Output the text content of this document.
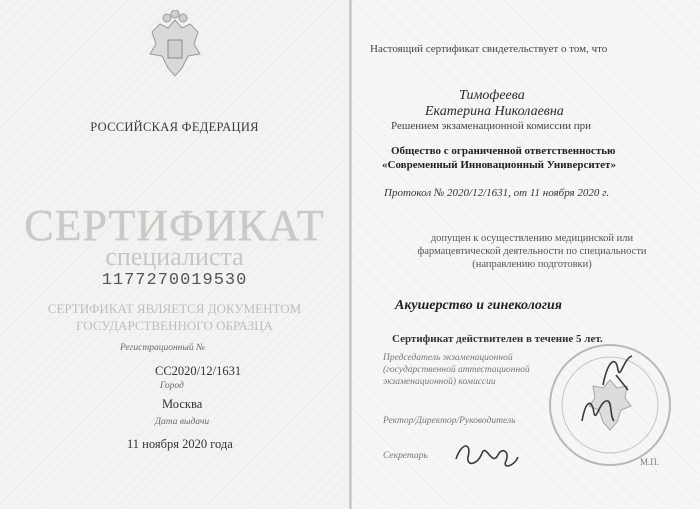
РОССИЙСКАЯ ФЕДЕРАЦИЯ
СЕРТИФИКАТ
специалиста
1177270019530
СЕРТИФИКАТ ЯВЛЯЕТСЯ ДОКУМЕНТОМ
ГОСУДАРСТВЕННОГО ОБРАЗЦА
Регистрационный №
СС2020/12/1631
Город
Москва
Дата выдачи
11 ноября 2020 года
Настоящий сертификат свидетельствует о том, что
Тимофеева
Екатерина Николаевна
Решением экзаменационной комиссии при
Общество с ограниченной ответственностью
«Современный Инновационный Университет»
Протокол № 2020/12/1631, от 11 ноября 2020 г.
допущен к осуществлению медицинской или
фармацевтической деятельности по специальности
(направлению подготовки)
Акушерство и гинекология
Сертификат действителен в течение 5 лет.
Председатель экзаменационной
(государственной аттестационной
экзаменационной) комиссии
Ректор/Директор/Руководитель
Секретарь
М.П.
